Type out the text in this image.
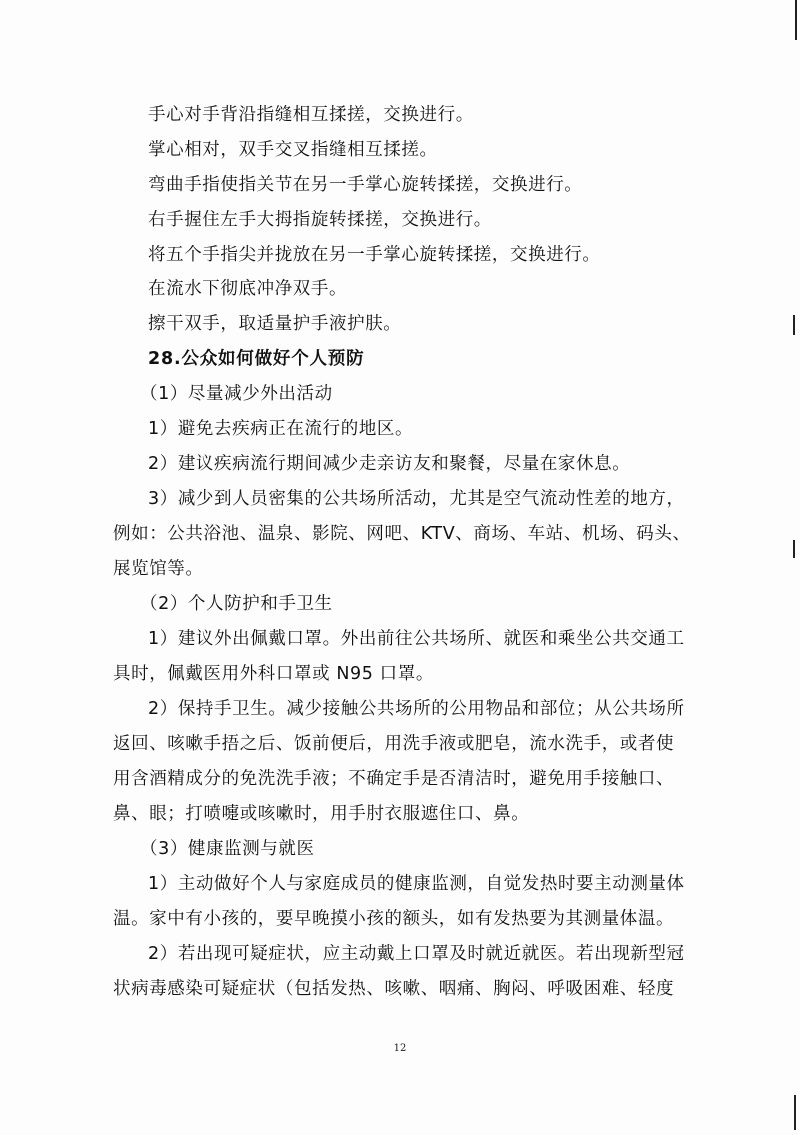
手心对手背沿指缝相互揉搓，交换进行。
掌心相对，双手交叉指缝相互揉搓。
弯曲手指使指关节在另一手掌心旋转揉搓，交换进行。
右手握住左手大拇指旋转揉搓，交换进行。
将五个手指尖并拢放在另一手掌心旋转揉搓，交换进行。
在流水下彻底冲净双手。
擦干双手，取适量护手液护肤。
28.公众如何做好个人预防
（1）尽量减少外出活动
1）避免去疾病正在流行的地区。
2）建议疾病流行期间减少走亲访友和聚餐，尽量在家休息。
3）减少到人员密集的公共场所活动，尤其是空气流动性差的地方，
例如：公共浴池、温泉、影院、网吧、KTV、商场、车站、机场、码头、
展览馆等。
（2）个人防护和手卫生
1）建议外出佩戴口罩。外出前往公共场所、就医和乘坐公共交通工
具时，佩戴医用外科口罩或 N95 口罩。
2）保持手卫生。减少接触公共场所的公用物品和部位；从公共场所
返回、咳嗽手捂之后、饭前便后，用洗手液或肥皂，流水洗手，或者使
用含酒精成分的免洗洗手液；不确定手是否清洁时，避免用手接触口、
鼻、眼；打喷嚏或咳嗽时，用手肘衣服遮住口、鼻。
（3）健康监测与就医
1）主动做好个人与家庭成员的健康监测，自觉发热时要主动测量体
温。家中有小孩的，要早晚摸小孩的额头，如有发热要为其测量体温。
2）若出现可疑症状，应主动戴上口罩及时就近就医。若出现新型冠
状病毒感染可疑症状（包括发热、咳嗽、咽痛、胸闷、呼吸困难、轻度
12
